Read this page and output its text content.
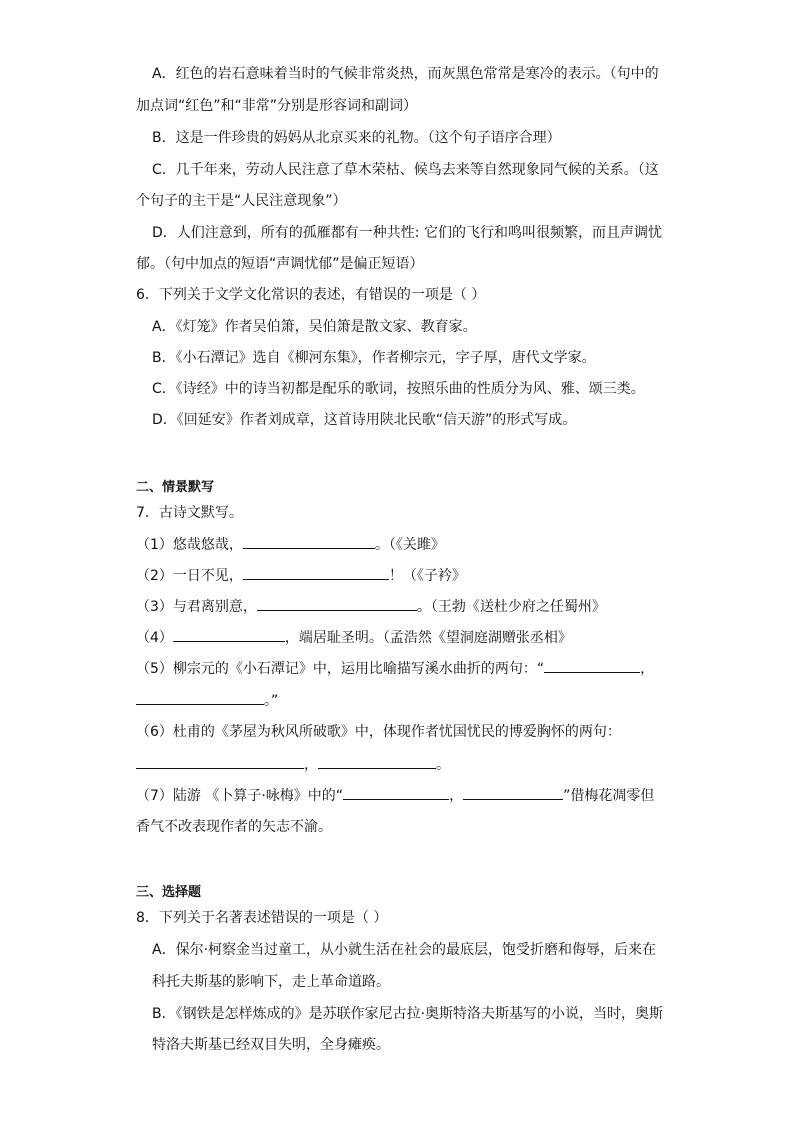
A．红色的岩石意味着当时的气候非常炎热，而灰黑色常常是寒冷的表示。（句中的
加点词“红色”和“非常”分别是形容词和副词）
B．这是一件珍贵的妈妈从北京买来的礼物。（这个句子语序合理）
C．几千年来，劳动人民注意了草木荣枯、候鸟去来等自然现象同气候的关系。（这
个句子的主干是“人民注意现象”）
D．人们注意到，所有的孤雁都有一种共性: 它们的飞行和鸣叫很频繁，而且声调忧
郁。（句中加点的短语“声调忧郁”是偏正短语）
6．下列关于文学文化常识的表述，有错误的一项是（ ）
A．《灯笼》作者吴伯箫，吴伯箫是散文家、教育家。
B．《小石潭记》选自《柳河东集》，作者柳宗元，字子厚，唐代文学家。
C．《诗经》中的诗当初都是配乐的歌词，按照乐曲的性质分为风、雅、颂三类。
D．《回延安》作者刘成章，这首诗用陕北民歌“信天游”的形式写成。
二、情景默写
7．古诗文默写。
（1）悠哉悠哉，	。（《关雎》
（2）一日不见，	！（《子衿》
（3）与君离别意，	。（王勃《送杜少府之任蜀州》
（4）	，端居耻圣明。（孟浩然《望洞庭湖赠张丞相》
（5）柳宗元的《小石潭记》中，运用比喻描写溪水曲折的两句：“	，
。”
（6）杜甫的《茅屋为秋风所破歌》中，体现作者忧国忧民的博爱胸怀的两句：
，	。
（7）陆游 《卜算子·咏梅》中的“	，	”借梅花凋零但
香气不改表现作者的矢志不渝。
三、选择题
8．下列关于名著表述错误的一项是（ ）
A．保尔·柯察金当过童工，从小就生活在社会的最底层，饱受折磨和侮辱，后来在
科托夫斯基的影响下，走上革命道路。
B．《钢铁是怎样炼成的》是苏联作家尼古拉·奥斯特洛夫斯基写的小说，当时，奥斯
特洛夫斯基已经双目失明，全身瘫痪。
